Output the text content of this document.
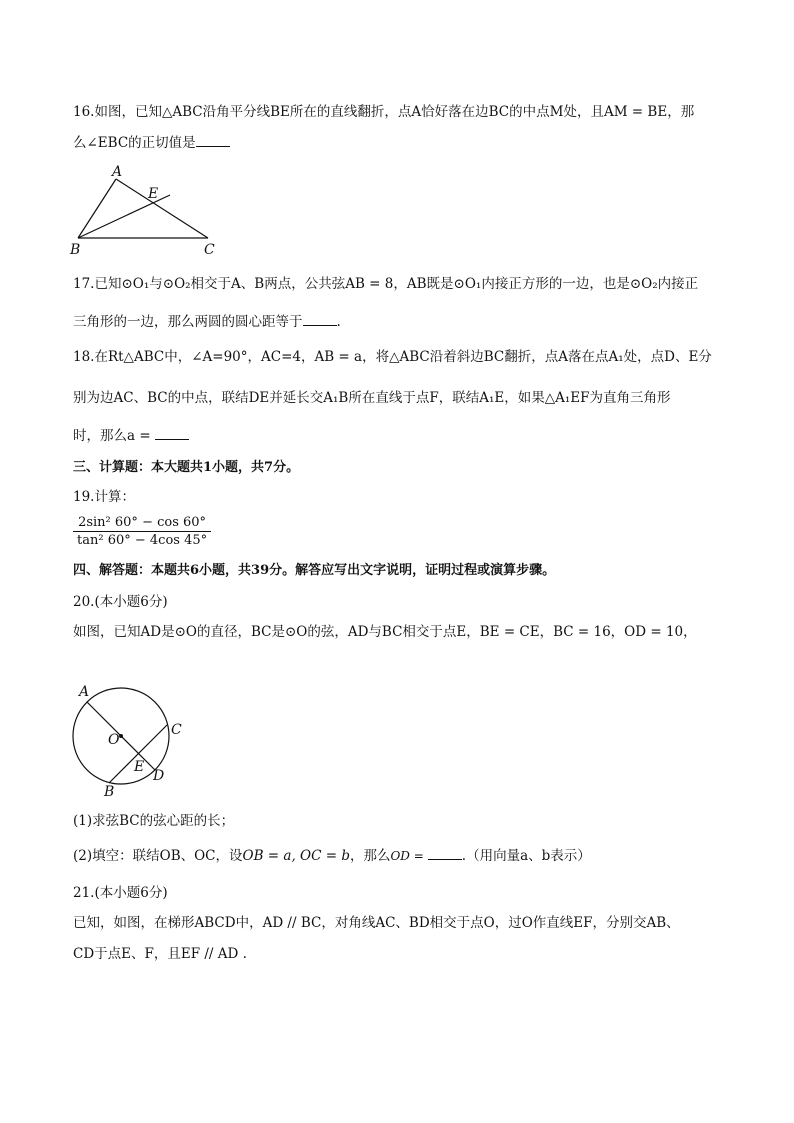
16.如图，已知△ABC沿角平分线BE所在的直线翻折，点A恰好落在边BC的中点M处，且AM = BE，那
么∠EBC的正切值是
A
E
B	C
17.已知⊙O₁与⊙O₂相交于A、B两点，公共弦AB = 8，AB既是⊙O₁内接正方形的一边，也是⊙O₂内接正
三角形的一边，那么两圆的圆心距等于	.
18.在Rt△ABC中，∠A=90°，AC=4，AB = a，将△ABC沿着斜边BC翻折，点A落在点A₁处，点D、E分
别为边AC、BC的中点，联结DE并延长交A₁B所在直线于点F，联结A₁E，如果△A₁EF为直角三角形
时，那么a =
三、计算题：本大题共1小题，共7分。
19.计算：
$\frac{\text{2sin² 60° − cos 60°}}{\text{tan² 60° − 4cos 45°}}$
四、解答题：本题共6小题，共39分。解答应写出文字说明，证明过程或演算步骤。
20.(本小题6分)
如图，已知AD是⊙O的直径，BC是⊙O的弦，AD与BC相交于点E，BE = CE，BC = 16，OD = 10，
A
O
C
E
D
B
(1)求弦BC的弦心距的长；
(2)填空：联结OB、OC，设OB = a, OC = b，那么OD =	.（用向量a、b表示）
21.(本小题6分)
已知，如图，在梯形ABCD中，AD // BC，对角线AC、BD相交于点O，过O作直线EF，分别交AB、
CD于点E、F，且EF // AD .
